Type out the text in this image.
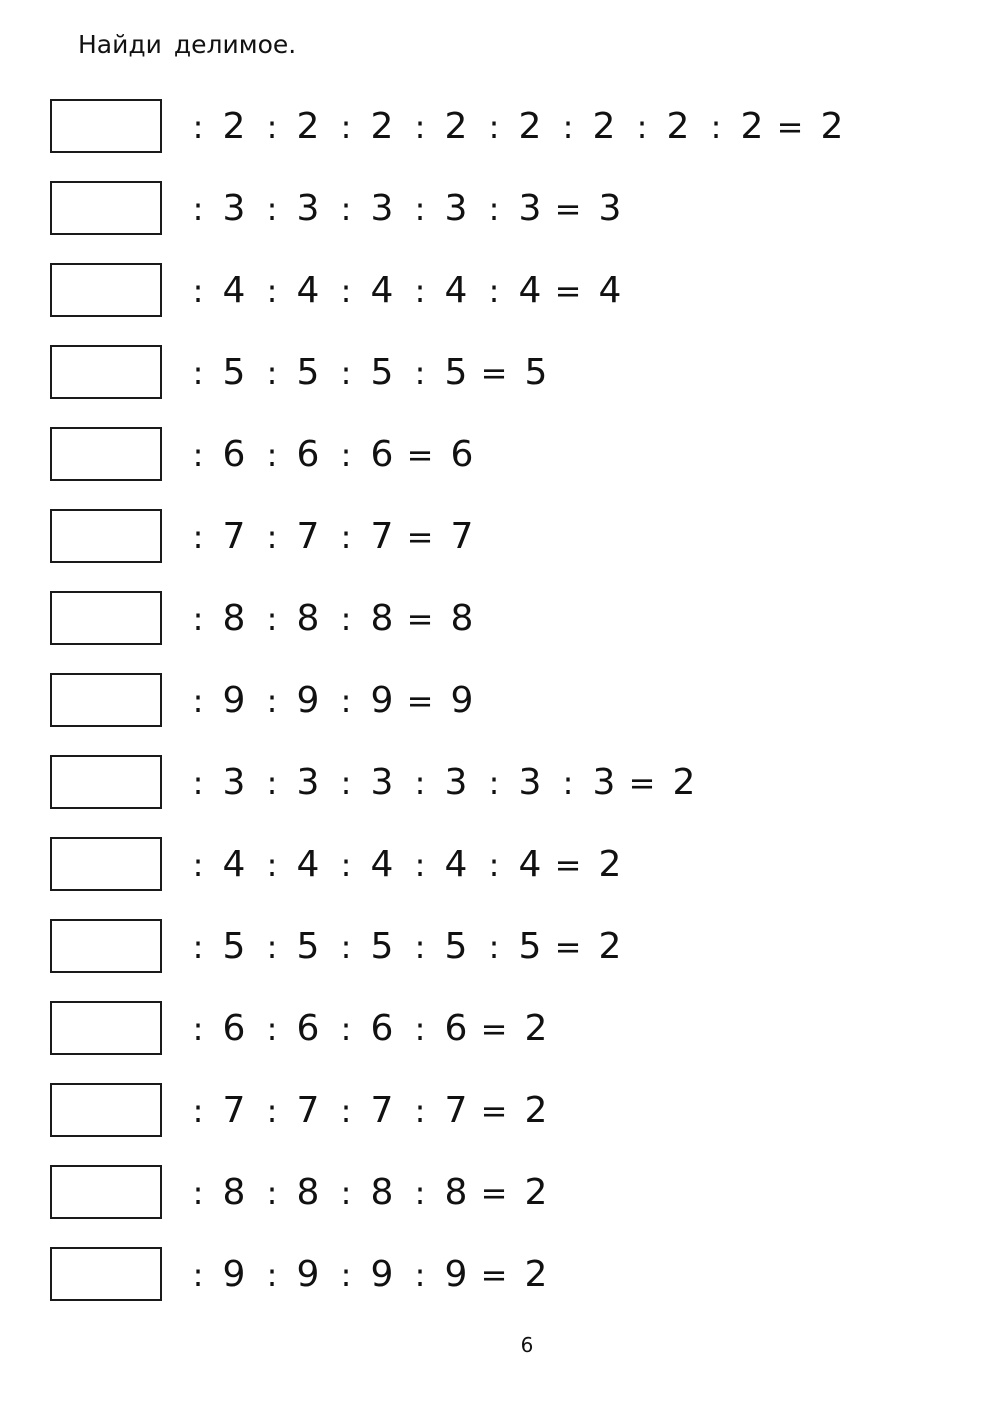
Найди делимое.
: 2 : 2 : 2 : 2 : 2 : 2 : 2 : 2 = 2
: 3 : 3 : 3 : 3 : 3 = 3
: 4 : 4 : 4 : 4 : 4 = 4
: 5 : 5 : 5 : 5 = 5
: 6 : 6 : 6 = 6
: 7 : 7 : 7 = 7
: 8 : 8 : 8 = 8
: 9 : 9 : 9 = 9
: 3 : 3 : 3 : 3 : 3 : 3 = 2
: 4 : 4 : 4 : 4 : 4 = 2
: 5 : 5 : 5 : 5 : 5 = 2
: 6 : 6 : 6 : 6 = 2
: 7 : 7 : 7 : 7 = 2
: 8 : 8 : 8 : 8 = 2
: 9 : 9 : 9 : 9 = 2
6
